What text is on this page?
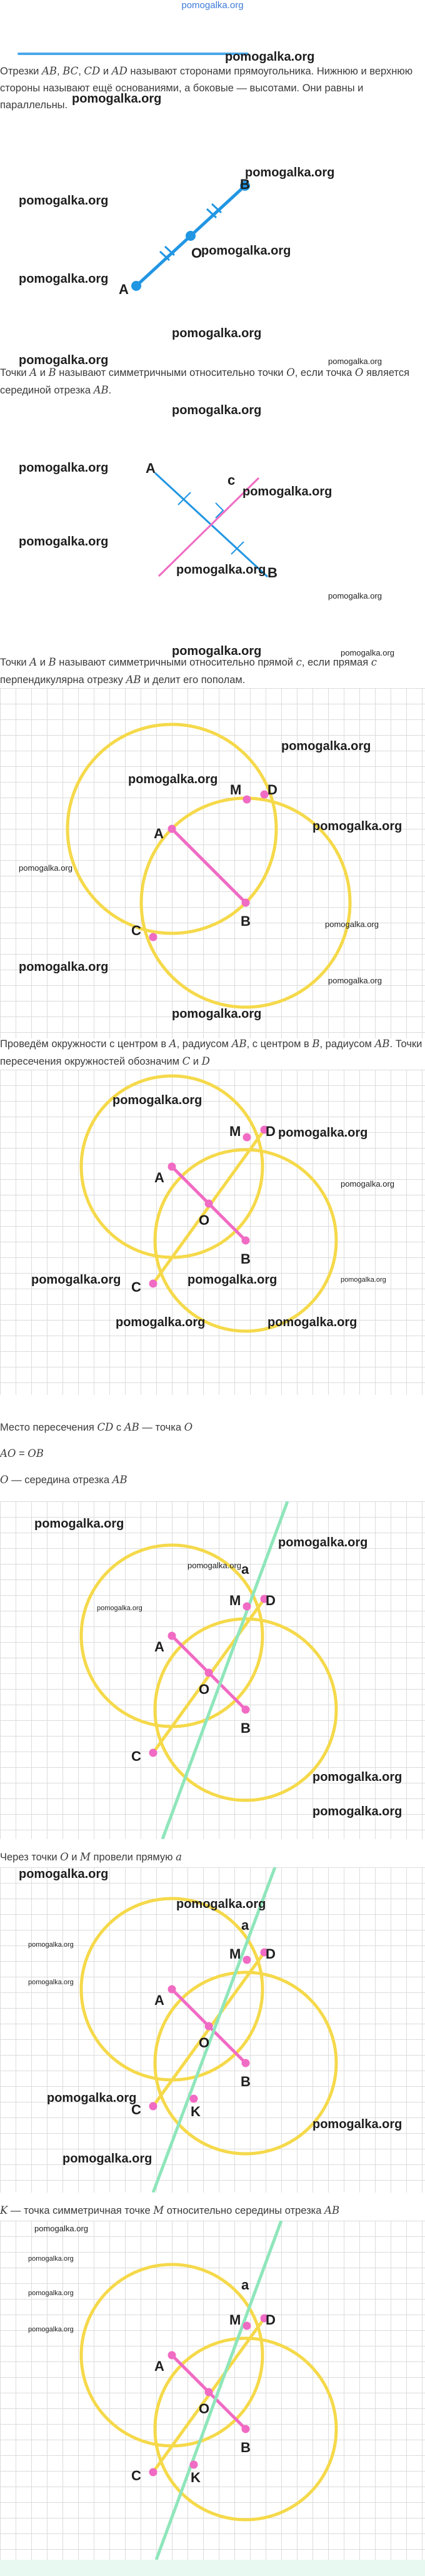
pomogalka.org
pomogalka.org
Отрезки AB, BC, CD и AD называют сторонами прямоугольника. Нижнюю и верхнюю стороны называют ещё основаниями, а боковые — высотами. Они равны и параллельны. pomogalka.org
A
O
B
pomogalka.org
pomogalka.org
pomogalka.org
pomogalka.org
pomogalka.org
Точки A и B называют симметричными относительно точки O, если точка O является серединой отрезка AB.
pomogalka.org	pomogalka.org
pomogalka.org
A
B
c
pomogalka.org
pomogalka.org
pomogalka.org
pomogalka.org
pomogalka.org
pomogalka.org
Точки A и B называют симметричными относительно прямой c, если прямая c перпендикулярна отрезку AB и делит его пополам.
pomogalka.org
A
B
M D
C
pomogalka.org
pomogalka.org
pomogalka.org
pomogalka.org
pomogalka.org
pomogalka.org
pomogalka.org
pomogalka.org
Проведём окружности с центром в A, радиусом AB, с центром в B, радиусом AB. Точки пересечения окружностей обозначим C и D
A
B
O
M D
C
pomogalka.org
pomogalka.org
pomogalka.org
pomogalka.org	pomogalka.org	pomogalka.org
pomogalka.org	pomogalka.org
Место пересечения CD с AB — точка O
AO = OB
O — середина отрезка AB
a
A
B
O
M D
C
pomogalka.org
pomogalka.org
pomogalka.org
pomogalka.org
pomogalka.org
pomogalka.org
Через точки O и M провели прямую a
a
A
B
O
M D
C	K
pomogalka.org
pomogalka.org
pomogalka.org
pomogalka.org
pomogalka.org
pomogalka.org
pomogalka.org
K — точка симметричная точке M относительно середины отрезка AB
a
A
B
O
M D
C	K
pomogalka.org
pomogalka.org
pomogalka.org
pomogalka.org
